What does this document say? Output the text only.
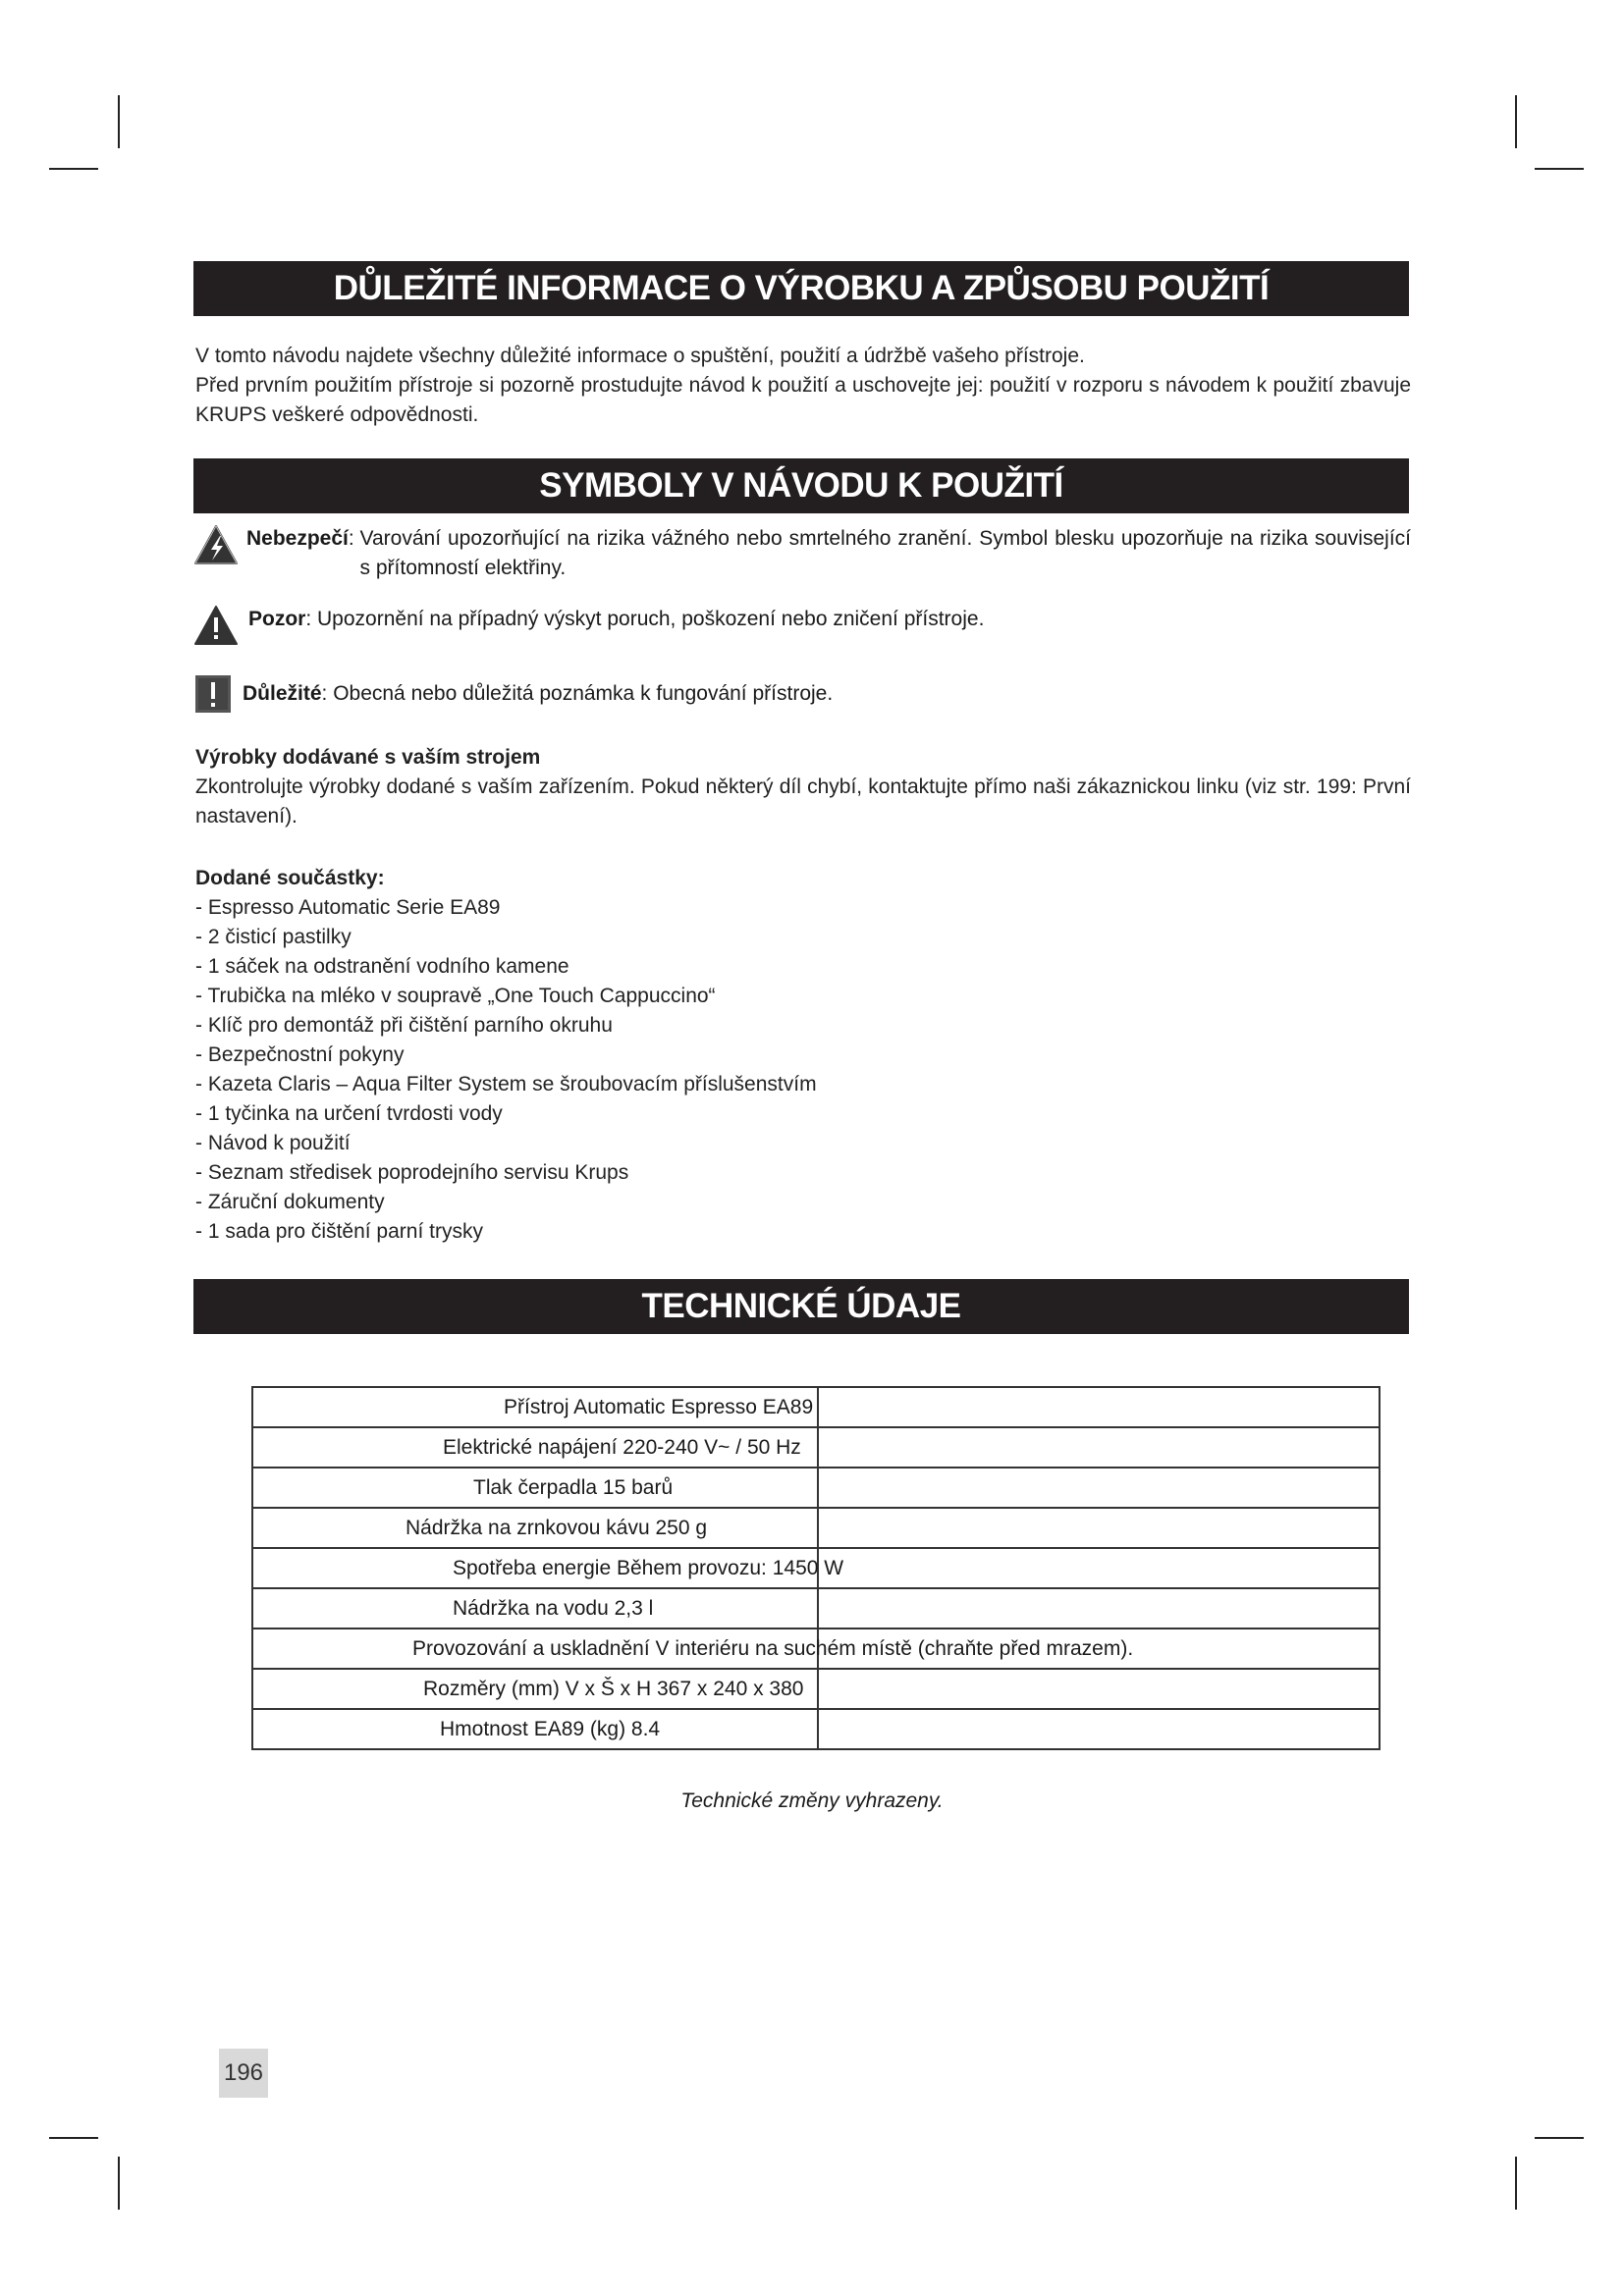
DŮLEŽITÉ INFORMACE O VÝROBKU A ZPŮSOBU POUŽITÍ

V tomto návodu najdete všechny důležité informace o spuštění, použití a údržbě vašeho přístroje.

Před prvním použitím přístroje si pozorně prostudujte návod k použití a uschovejte jej: použití v rozporu s návodem k použití zbavuje KRUPS veškeré odpovědnosti.

SYMBOLY V NÁVODU K POUŽITÍ
Nebezpečí: Varování upozorňující na rizika vážného nebo smrtelného zranění. Symbol blesku upozorňuje na rizika související s přítomností elektřiny.
Pozor: Upozornění na případný výskyt poruch, poškození nebo zničení přístroje.
Důležité: Obecná nebo důležitá poznámka k fungování přístroje.

Výrobky dodávané s vaším strojem

Zkontrolujte výrobky dodané s vaším zařízením. Pokud některý díl chybí, kontaktujte přímo naši zákaznickou linku (viz str. 199: První nastavení).

Dodané součástky:

- Espresso Automatic Serie EA89

- 2 čisticí pastilky

- 1 sáček na odstranění vodního kamene

- Trubička na mléko v soupravě „One Touch Cappuccino“

- Klíč pro demontáž při čištění parního okruhu

- Bezpečnostní pokyny

- Kazeta Claris – Aqua Filter System se šroubovacím příslušenstvím

- 1 tyčinka na určení tvrdosti vody

- Návod k použití

- Seznam středisek poprodejního servisu Krups

- Záruční dokumenty

- 1 sada pro čištění parní trysky

TECHNICKÉ ÚDAJE
Přístroj Automatic Espresso EA89	

Elektrické napájení 220-240 V~ / 50 Hz	

Tlak čerpadla 15 barů	

Nádržka na zrnkovou kávu 250 g	

Spotřeba energie Během provozu: 1450 W	

Nádržka na vodu 2,3 l	

Provozování a uskladnění V interiéru na suchém místě (chraňte před mrazem).	

Rozměry (mm) V x Š x H 367 x 240 x 380	

Hmotnost EA89 (kg) 8.4	

Technické změny vyhrazeny.
196
